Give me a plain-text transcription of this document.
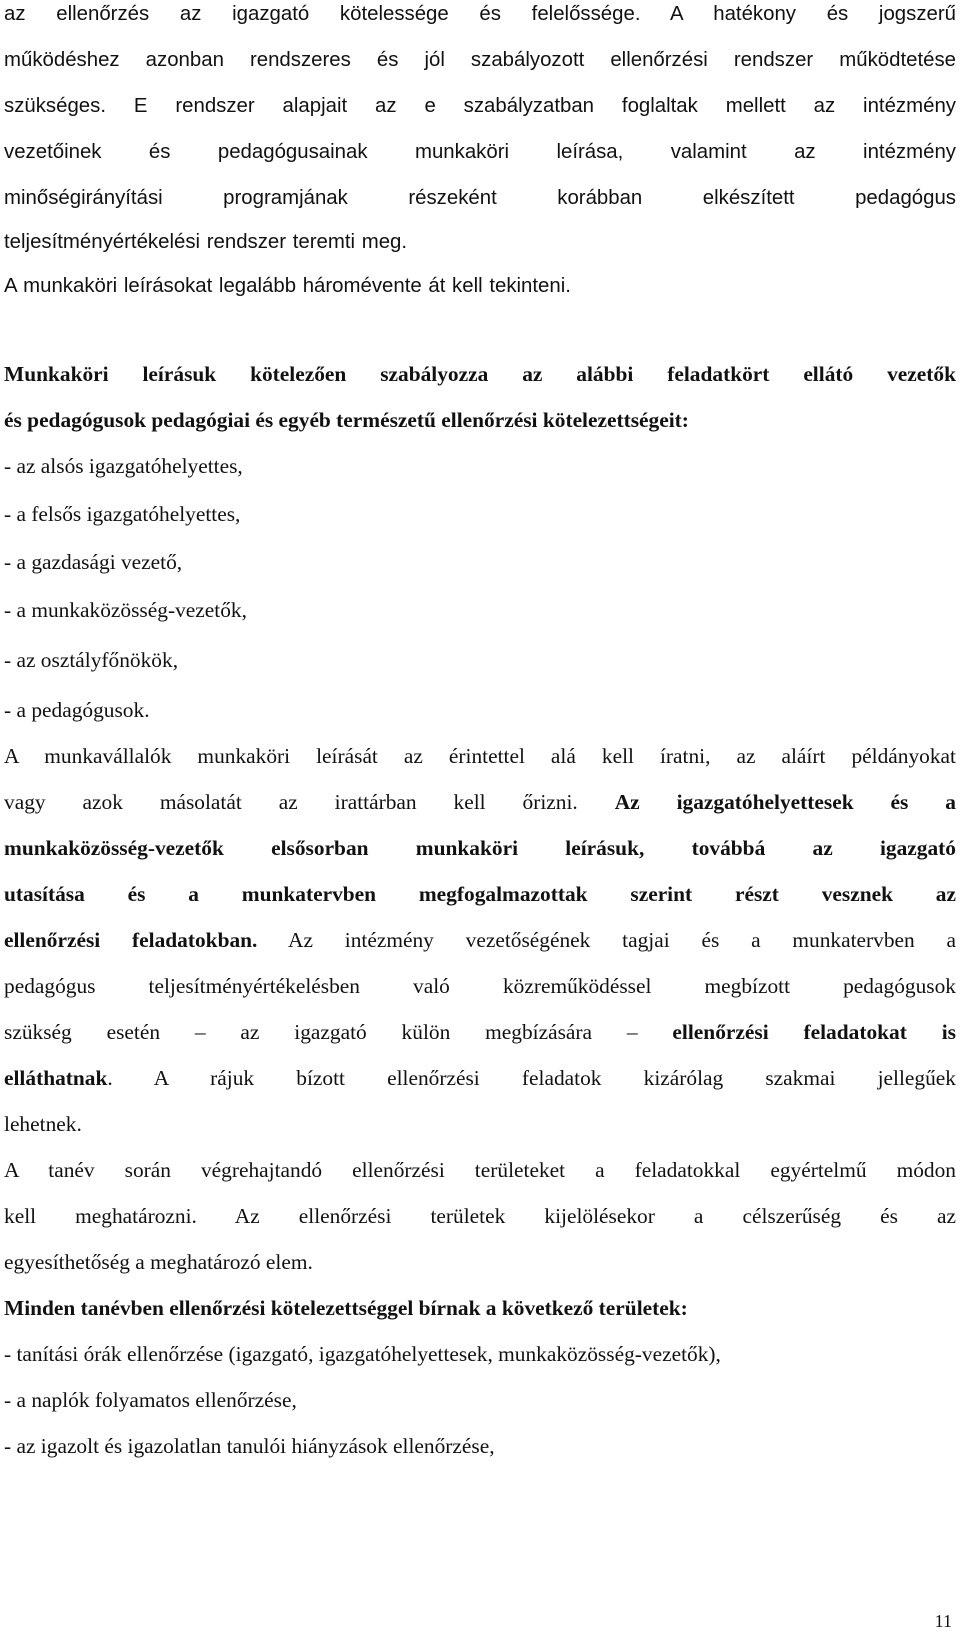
az ellenőrzés az igazgató kötelessége és felelőssége. A hatékony és jogszerű

működéshez azonban rendszeres és jól szabályozott ellenőrzési rendszer működtetése

szükséges. E rendszer alapjait az e szabályzatban foglaltak mellett az intézmény

vezetőinek és pedagógusainak munkaköri leírása, valamint az intézmény

minőségirányítási programjának részeként korábban elkészített pedagógus

teljesítményértékelési rendszer teremti meg.

A munkaköri leírásokat legalább háromévente át kell tekinteni.

Munkaköri leírásuk kötelezően szabályozza az alábbi feladatkört ellátó vezetők

és pedagógusok pedagógiai és egyéb természetű ellenőrzési kötelezettségeit:

- az alsós igazgatóhelyettes,

- a felsős igazgatóhelyettes,

- a gazdasági vezető,

- a munkaközösség-vezetők,

- az osztályfőnökök,

- a pedagógusok.

A munkavállalók munkaköri leírását az érintettel alá kell íratni, az aláírt példányokat

vagy azok másolatát az irattárban kell őrizni. Az igazgatóhelyettesek és a

munkaközösség-vezetők elsősorban munkaköri leírásuk, továbbá az igazgató

utasítása és a munkatervben megfogalmazottak szerint részt vesznek az

ellenőrzési feladatokban. Az intézmény vezetőségének tagjai és a munkatervben a

pedagógus teljesítményértékelésben való közreműködéssel megbízott pedagógusok

szükség esetén – az igazgató külön megbízására – ellenőrzési feladatokat is

elláthatnak. A rájuk bízott ellenőrzési feladatok kizárólag szakmai jellegűek

lehetnek.

A tanév során végrehajtandó ellenőrzési területeket a feladatokkal egyértelmű módon

kell meghatározni. Az ellenőrzési területek kijelölésekor a célszerűség és az

egyesíthetőség a meghatározó elem.

Minden tanévben ellenőrzési kötelezettséggel bírnak a következő területek:

- tanítási órák ellenőrzése (igazgató, igazgatóhelyettesek, munkaközösség-vezetők),

- a naplók folyamatos ellenőrzése,

- az igazolt és igazolatlan tanulói hiányzások ellenőrzése,

11
